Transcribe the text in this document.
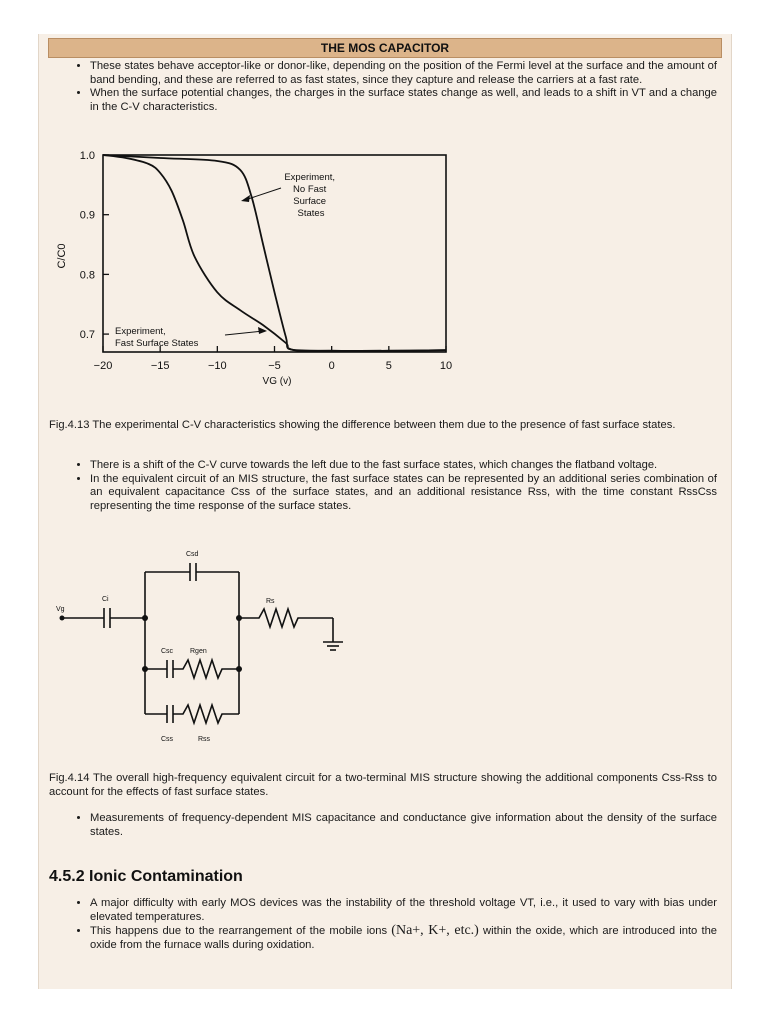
THE MOS CAPACITOR
• These states behave acceptor-like or donor-like, depending on the position of the Fermi level at the surface and the amount of band bending, and these are referred to as fast states, since they capture and release the carriers at a fast rate.
• When the surface potential changes, the charges in the surface states change as well, and leads to a shift in VT and a change in the C-V characteristics.
1.0
0.9
0.8
0.7
−20	−15	−10	−5	0	5	10
C/C0
VG (v)
Experiment, No Fast Surface States
Experiment,
Fast Surface States

Fig.4.13 The experimental C-V characteristics showing the difference between them due to the presence of fast surface states.

• There is a shift of the C-V curve towards the left due to the fast surface states, which changes the flatband voltage.
• In the equivalent circuit of an MIS structure, the fast surface states can be represented by an additional series combination of an equivalent capacitance Css of the surface states, and an additional resistance Rss, with the time constant RssCss representing the time response of the surface states.
Vg
Ci
Csd
Rs
Csc Rgen
Css	Rss

Fig.4.14 The overall high-frequency equivalent circuit for a two-terminal MIS structure showing the additional components Css-Rss to account for the effects of fast surface states.

• Measurements of frequency-dependent MIS capacitance and conductance give information about the density of the surface states.
4.5.2 Ionic Contamination
• A major difficulty with early MOS devices was the instability of the threshold voltage VT, i.e., it used to vary with bias under elevated temperatures.
• This happens due to the rearrangement of the mobile ions (Na+, K+, etc.) within the oxide, which are introduced into the oxide from the furnace walls during oxidation.
